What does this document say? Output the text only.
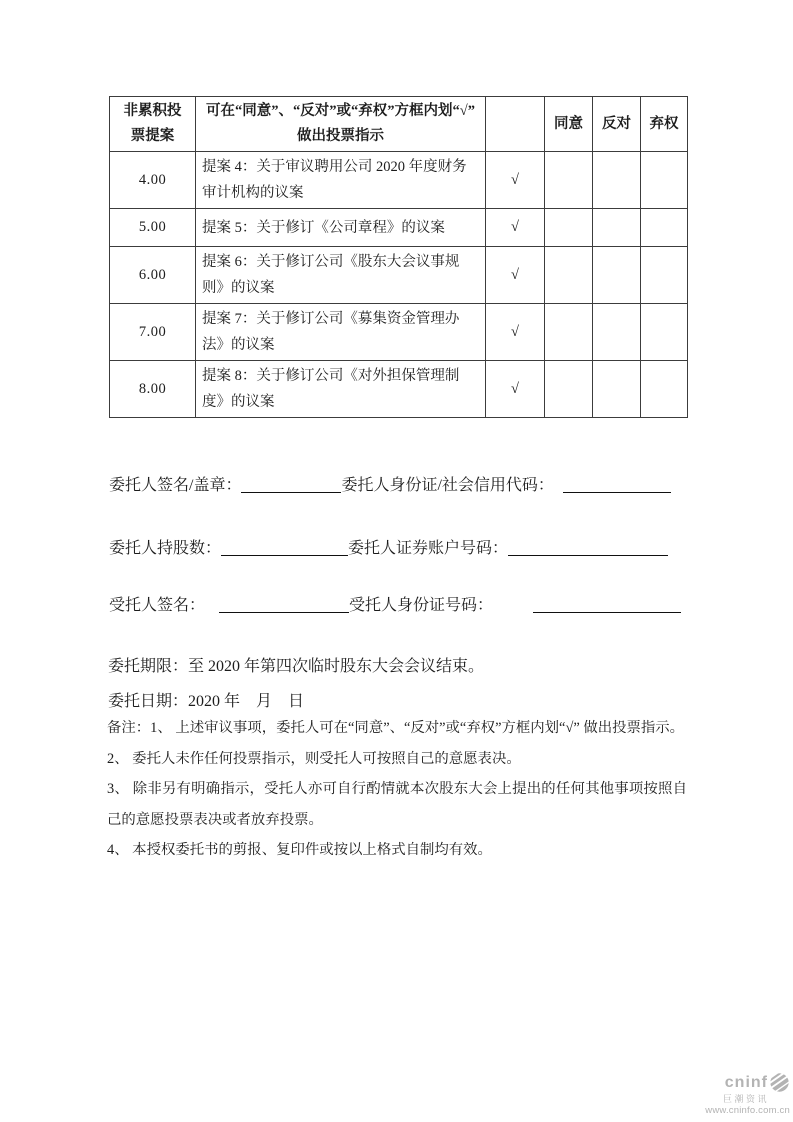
非累积投票提案	可在“同意”、“反对”或“弃权”方框内划“√” 做出投票指示		同意	反对	弃权
4.00	提案 4：关于审议聘用公司 2020 年度财务审计机构的议案	√			
5.00	提案 5：关于修订《公司章程》的议案	√			
6.00	提案 6：关于修订公司《股东大会议事规则》的议案	√			
7.00	提案 7：关于修订公司《募集资金管理办法》的议案	√			
8.00	提案 8：关于修订公司《对外担保管理制度》的议案	√			

委托人签名/盖章：	委托人身份证/社会信用代码：

委托人持股数：	委托人证券账户号码：

受托人签名：	受托人身份证号码：

委托期限：至 2020 年第四次临时股东大会会议结束。

委托日期：2020 年    月    日

备注：1、 上述审议事项，委托人可在“同意”、“反对”或“弃权”方框内划“√” 做出投票指示。

2、 委托人未作任何投票指示，则受托人可按照自己的意愿表决。

3、 除非另有明确指示，受托人亦可自行酌情就本次股东大会上提出的任何其他事项按照自己的意愿投票表决或者放弃投票。

4、 本授权委托书的剪报、复印件或按以上格式自制均有效。

cninf
巨潮资讯
www.cninfo.com.cn
